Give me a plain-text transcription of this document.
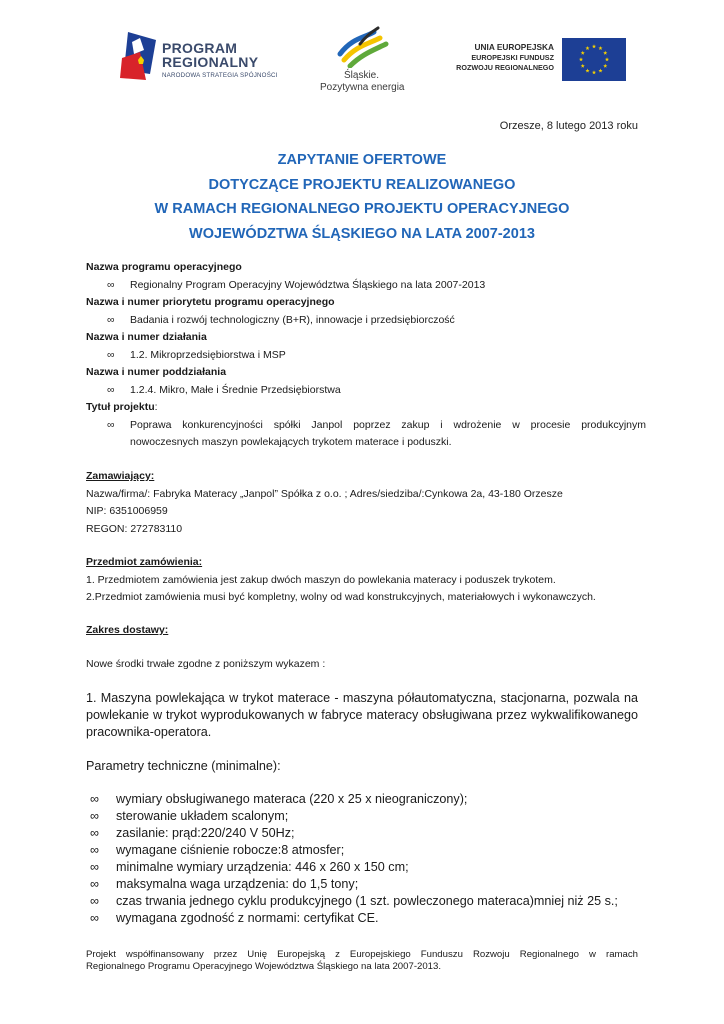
PROGRAM
REGIONALNY
NARODOWA STRATEGIA SPÓJNOŚCI	Śląskie.
Pozytywna energia
UNIA EUROPEJSKA
EUROPEJSKI FUNDUSZ
ROZWOJU REGIONALNEGO
Orzesze, 8 lutego 2013 roku
ZAPYTANIE OFERTOWE
DOTYCZĄCE PROJEKTU REALIZOWANEGO
W RAMACH REGIONALNEGO PROJEKTU OPERACYJNEGO
WOJEWÓDZTWA ŚLĄSKIEGO NA LATA 2007-2013
Nazwa programu operacyjnego
∞ Regionalny Program Operacyjny Województwa Śląskiego na lata 2007-2013
Nazwa i numer priorytetu programu operacyjnego
∞ Badania i rozwój technologiczny (B+R), innowacje i przedsiębiorczość
Nazwa i numer działania
∞ 1.2. Mikroprzedsiębiorstwa i MSP
Nazwa i numer poddziałania
∞ 1.2.4. Mikro, Małe i Średnie Przedsiębiorstwa
Tytuł projektu:
∞ Poprawa konkurencyjności spółki Janpol poprzez zakup i wdrożenie w procesie produkcyjnym
nowoczesnych maszyn powlekających trykotem materace i poduszki.
Zamawiający:
Nazwa/firma/: Fabryka Materacy „Janpol” Spółka z o.o. ; Adres/siedziba/:Cynkowa 2a, 43-180 Orzesze
NIP: 6351006959
REGON: 272783110
Przedmiot zamówienia:
1. Przedmiotem zamówienia jest zakup dwóch maszyn do powlekania materacy i poduszek trykotem.
2.Przedmiot zamówienia musi być kompletny, wolny od wad konstrukcyjnych, materiałowych i wykonawczych.
Zakres dostawy:
Nowe środki trwałe zgodne z poniższym wykazem :
1. Maszyna powlekająca w trykot materace - maszyna półautomatyczna, stacjonarna, pozwala na
powlekanie w trykot wyprodukowanych w fabryce materacy obsługiwana przez wykwalifikowanego
pracownika-operatora.
Parametry techniczne (minimalne):
∞ wymiary obsługiwanego materaca (220 x 25 x nieograniczony);
∞ sterowanie układem scalonym;
∞ zasilanie: prąd:220/240 V 50Hz;
∞ wymagane ciśnienie robocze:8 atmosfer;
∞ minimalne wymiary urządzenia: 446 x 260 x 150 cm;
∞ maksymalna waga urządzenia: do 1,5 tony;
∞ czas trwania jednego cyklu produkcyjnego (1 szt. powleczonego materaca)mniej niż 25 s.;
∞ wymagana zgodność z normami: certyfikat CE.
Projekt współfinansowany przez Unię Europejską z Europejskiego Funduszu Rozwoju Regionalnego w ramach
Regionalnego Programu Operacyjnego Województwa Śląskiego na lata 2007-2013.
